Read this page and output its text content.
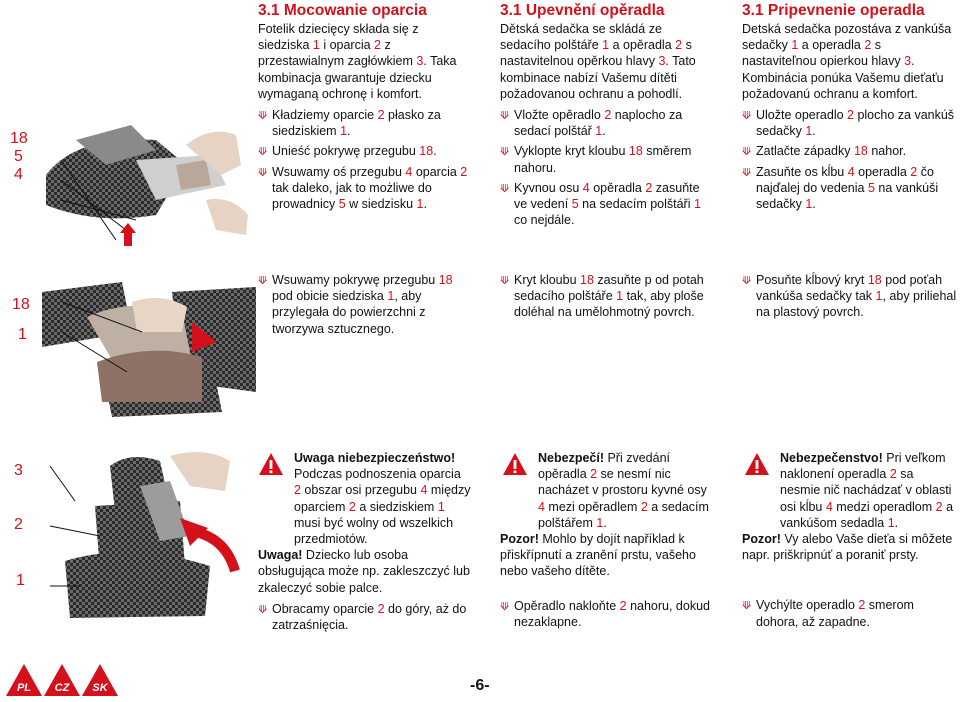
18
5
4
3.1 Mocowanie oparcia

Fotelik dziecięcy składa się z
siedziska 1 i oparcia 2 z
przestawialnym zagłówkiem 3. Taka
kombinacja gwarantuje dziecku
wymaganą ochronę i komfort.

⟱ Kładziemy oparcie 2 płasko za
siedziskiem 1.
⟱ Unieść pokrywę przegubu 18.
⟱ Wsuwamy oś przegubu 4 oparcia 2
tak daleko, jak to możliwe do
prowadnicy 5 w siedzisku 1.
3.1 Upevnění opěradla

Dětská sedačka se skládá ze
sedacího polštáře 1 a opěradla 2 s
nastavitelnou opěrkou hlavy 3. Tato
kombinace nabízí Vašemu dítěti
požadovanou ochranu a pohodlí.

⟱ Vložte opěradlo 2 naplocho za
sedací polštář 1.
⟱ Vyklopte kryt kloubu 18 směrem
nahoru.
⟱ Kyvnou osu 4 opěradla 2 zasuňte
ve vedení 5 na sedacím polštáři 1
co nejdále.
3.1 Pripevnenie operadla

Detská sedačka pozostáva z vankúša
sedačky 1 a operadla 2 s
nastaviteľnou opierkou hlavy 3.
Kombinácia ponúka Vašemu dieťaťu
požadovanú ochranu a komfort.

⟱ Uložte operadlo 2 plocho za vankúš
sedačky 1.
⟱ Zatlačte západky 18 nahor.
⟱ Zasuňte os kĺbu 4 operadla 2 čo
najďalej do vedenia 5 na vankúši
sedačky 1.
18
1
⟱ Wsuwamy pokrywę przegubu 18
pod obicie siedziska 1, aby
przylegała do powierzchni z
tworzywa sztucznego.
⟱ Kryt kloubu 18 zasuňte p od potah
sedacího polštáře 1 tak, aby ploše
doléhal na umělohmotný povrch.
⟱ Posuňte kĺbový kryt 18 pod poťah
vankúša sedačky tak 1, aby priliehal
na plastový povrch.
3
2
1

Uwaga niebezpieczeństwo!
Podczas podnoszenia oparcia
2 obszar osi przegubu 4 między
oparciem 2 a siedziskiem 1
musi być wolny od wszelkich
przedmiotów.

Uwaga! Dziecko lub osoba
obsługująca może np. zakleszczyć lub
zkaleczyć sobie palce.

⟱ Obracamy oparcie 2 do góry, aż do
zatrzaśnięcia.

Nebezpečí! Při zvedání
opěradla 2 se nesmí nic
nacházet v prostoru kyvné osy
4 mezi opěradlem 2 a sedacím
polštářem 1.

Pozor! Mohlo by dojít například k
přiskřípnutí a zranění prstu, vašeho
nebo vašeho dítěte.

⟱ Opěradlo nakloňte 2 nahoru, dokud
nezaklapne.

Nebezpečenstvo! Pri veľkom
naklonení operadla 2 sa
nesmie nič nachádzať v oblasti
osi kĺbu 4 medzi operadlom 2 a
vankúšom sedadla 1.

Pozor! Vy alebo Vaše dieťa si môžete
napr. priškripnúť a poraniť prsty.

⟱ Vychýlte operadlo 2 smerom
dohora, až zapadne.
PL CZ SK	-6-
